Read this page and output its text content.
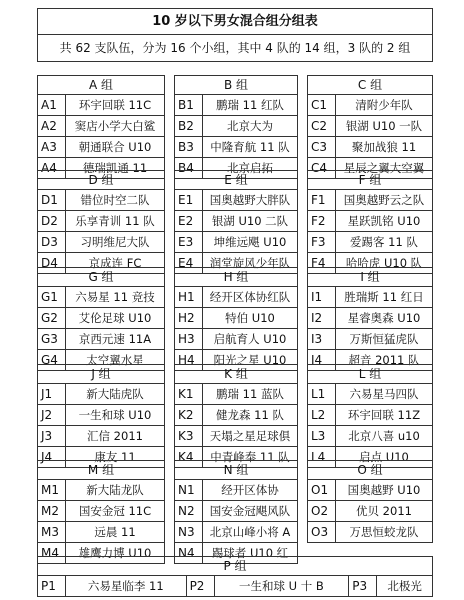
10 岁以下男女混合组分组表
共 62 支队伍，分为 16 个小组，其中 4 队的 14 组，3 队的 2 组
A 组	
A1	环宇回联 11C
A2	窦店小学大白鲨
A3	朝通联合 U10
A4	德瑞凯通 11
B 组	
B1	鹏瑞 11 红队
B2	北京大为
B3	中隆育航 11 队
B4	北京启拓
C 组	
C1	清附少年队
C2	银湖 U10 一队
C3	聚加战狼 11
C4	星辰之翼大空翼
D 组	
D1	错位时空二队
D2	乐享青训 11 队
D3	习明维尼大队
D4	京成连 FC
E 组	
E1	国奥越野大胖队
E2	银湖 U10 二队
E3	坤维远飓 U10
E4	润堂旋风少年队
F 组	
F1	国奥越野云之队
F2	星跃凯铭 U10
F3	爱踢客 11 队
F4	哈哈虎 U10 队
G 组	
G1	六易星 11 竞技
G2	艾伦足球 U10
G3	京西元速 11A
G4	太空翼水星
H 组	
H1	经开区体协红队
H2	特伯 U10
H3	启航育人 U10
H4	阳光之星 U10
I 组	
I1	胜瑞斯 11 红日
I2	星睿奥森 U10
I3	万斯恒猛虎队
I4	超音 2011 队
J 组	
J1	新大陆虎队
J2	一生和球 U10
J3	汇信 2011
J4	康友 11
K 组	
K1	鹏瑞 11 蓝队
K2	健龙森 11 队
K3	天塌之星足球俱
K4	中青峰奉 11 队
L 组	
L1	六易星马四队
L2	环宇回联 11Z
L3	北京八喜 u10
L4	启点 U10
M 组	
M1	新大陆龙队
M2	国安金冠 11C
M3	远晨 11
M4	雄鹰力博 U10
N 组	
N1	经开区体协
N2	国安金冠飓风队
N3	北京山峰小将 A
N4	踢球者 U10 红
O 组	
O1	国奥越野 U10
O2	优贝 2011
O3	万思恒蛟龙队
P 组
P1	六易星临李 11	P2	一生和球 U 十 B	P3	北极光
